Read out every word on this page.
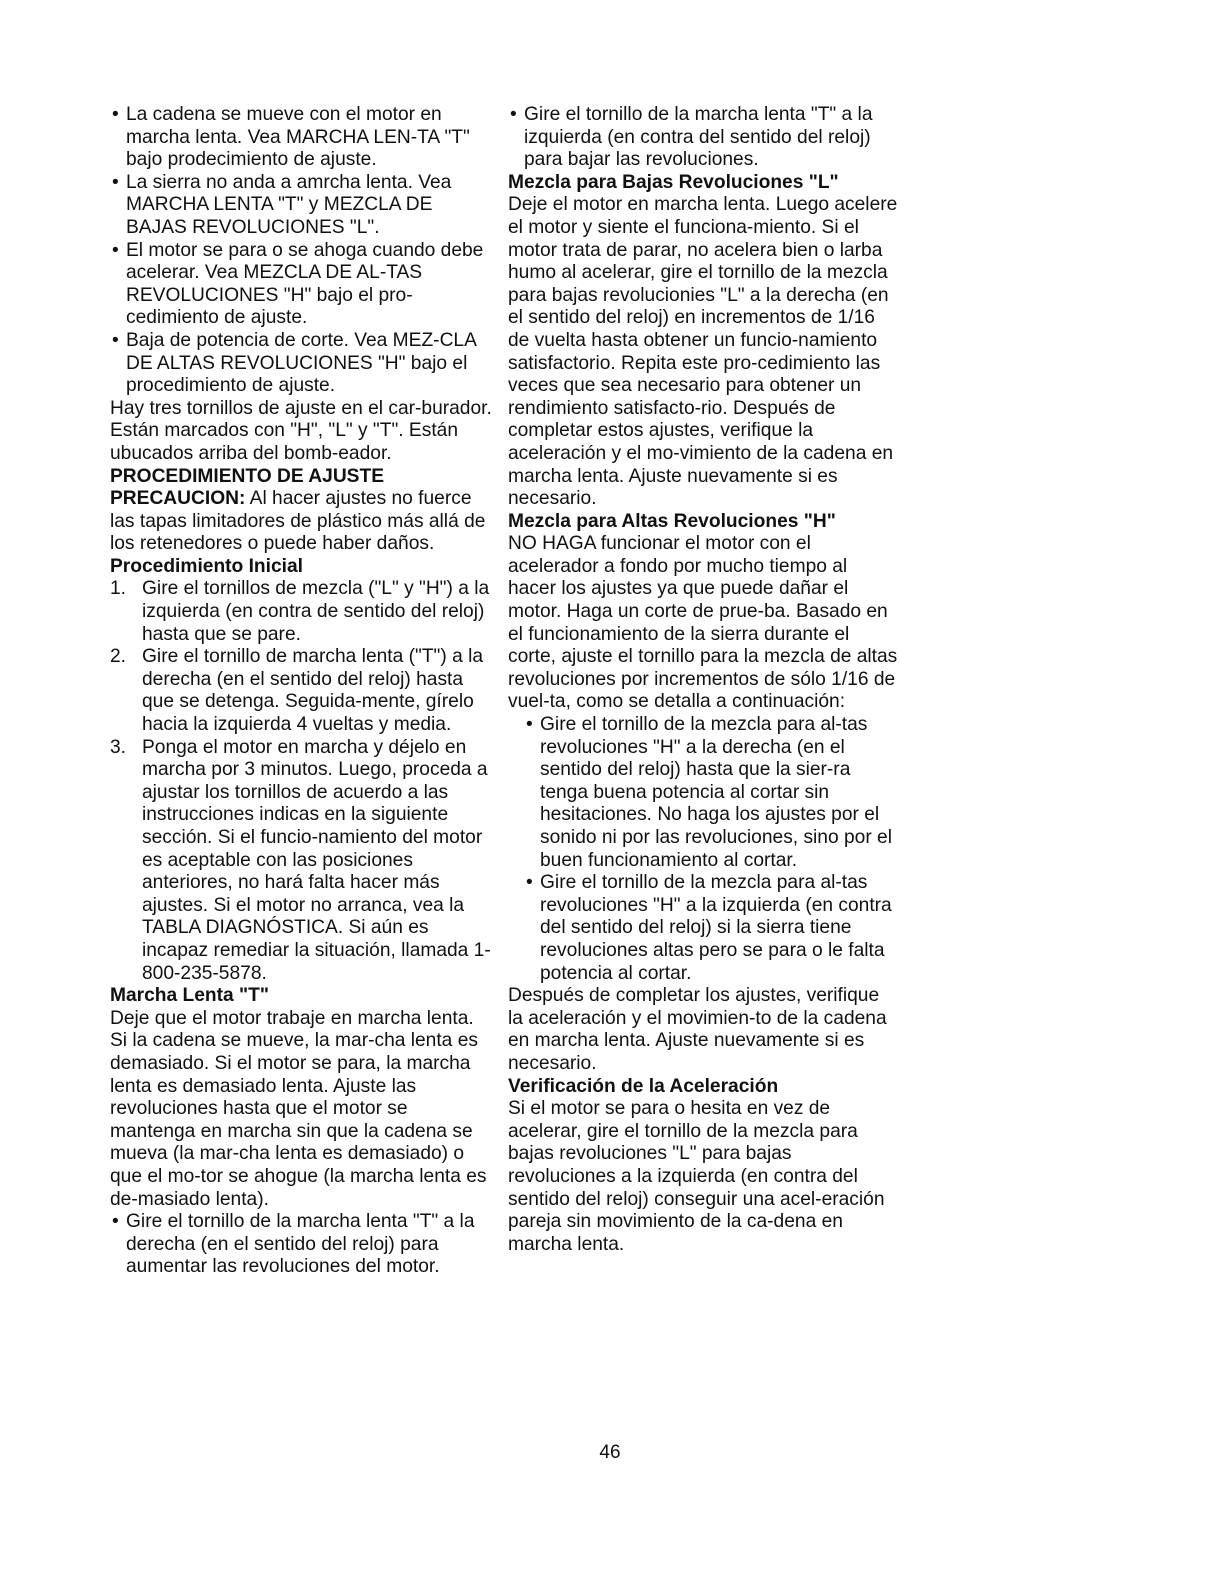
• La cadena se mueve con el motor en marcha lenta. Vea MARCHA LEN-TA "T" bajo prodecimiento de ajuste.

• La sierra no anda a amrcha lenta. Vea MARCHA LENTA "T" y MEZCLA DE BAJAS REVOLUCIONES "L".

• El motor se para o se ahoga cuando debe acelerar. Vea MEZCLA DE AL-TAS REVOLUCIONES "H" bajo el pro-cedimiento de ajuste.

• Baja de potencia de corte. Vea MEZ-CLA DE ALTAS REVOLUCIONES "H" bajo el procedimiento de ajuste.

Hay tres tornillos de ajuste en el car-burador. Están marcados con "H", "L" y "T". Están ubucados arriba del bomb-eador.

PROCEDIMIENTO DE AJUSTE

PRECAUCION: Al hacer ajustes no fuerce las tapas limitadores de plástico más allá de los retenedores o puede haber daños.

Procedimiento Inicial

1. Gire el tornillos de mezcla ("L" y "H") a la izquierda (en contra de sentido del reloj) hasta que se pare.
2. Gire el tornillo de marcha lenta ("T") a la derecha (en el sentido del reloj) hasta que se detenga. Seguida-mente, gírelo hacia la izquierda 4 vueltas y media.
3. Ponga el motor en marcha y déjelo en marcha por 3 minutos. Luego, proceda a ajustar los tornillos de acuerdo a las instrucciones indicas en la siguiente sección. Si el funcio-namiento del motor es aceptable con las posiciones anteriores, no hará falta hacer más ajustes. Si el motor no arranca, vea la TABLA DIAGNÓSTICA. Si aún es incapaz remediar la situación, llamada 1-800-235-5878.

Marcha Lenta "T"

Deje que el motor trabaje en marcha lenta. Si la cadena se mueve, la mar-cha lenta es demasiado. Si el motor se para, la marcha lenta es demasiado lenta. Ajuste las revoluciones hasta que el motor se mantenga en marcha sin que la cadena se mueva (la mar-cha lenta es demasiado) o que el mo-tor se ahogue (la marcha lenta es de-masiado lenta).

• Gire el tornillo de la marcha lenta "T" a la derecha (en el sentido del reloj) para aumentar las revoluciones del motor.

• Gire el tornillo de la marcha lenta "T" a la izquierda (en contra del sentido del reloj) para bajar las revoluciones.

Mezcla para Bajas Revoluciones "L"

Deje el motor en marcha lenta. Luego acelere el motor y siente el funciona-miento. Si el motor trata de parar, no acelera bien o larba humo al acelerar, gire el tornillo de la mezcla para bajas revolucionies "L" a la derecha (en el sentido del reloj) en incrementos de 1/16 de vuelta hasta obtener un funcio-namiento satisfactorio. Repita este pro-cedimiento las veces que sea necesario para obtener un rendimiento satisfacto-rio. Después de completar estos ajustes, verifique la aceleración y el mo-vimiento de la cadena en marcha lenta. Ajuste nuevamente si es necesario.

Mezcla para Altas Revoluciones "H"

NO HAGA funcionar el motor con el acelerador a fondo por mucho tiempo al hacer los ajustes ya que puede dañar el motor. Haga un corte de prue-ba. Basado en el funcionamiento de la sierra durante el corte, ajuste el tornillo para la mezcla de altas revoluciones por incrementos de sólo 1/16 de vuel-ta, como se detalla a continuación:

• Gire el tornillo de la mezcla para al-tas revoluciones "H" a la derecha (en el sentido del reloj) hasta que la sier-ra tenga buena potencia al cortar sin hesitaciones. No haga los ajustes por el sonido ni por las revoluciones, sino por el buen funcionamiento al cortar.

• Gire el tornillo de la mezcla para al-tas revoluciones "H" a la izquierda (en contra del sentido del reloj) si la sierra tiene revoluciones altas pero se para o le falta potencia al cortar.

Después de completar los ajustes, verifique la aceleración y el movimien-to de la cadena en marcha lenta. Ajuste nuevamente si es necesario.

Verificación de la Aceleración

Si el motor se para o hesita en vez de acelerar, gire el tornillo de la mezcla para bajas revoluciones "L" para bajas revoluciones a la izquierda (en contra del sentido del reloj) conseguir una acel-eración pareja sin movimiento de la ca-dena en marcha lenta.

46
